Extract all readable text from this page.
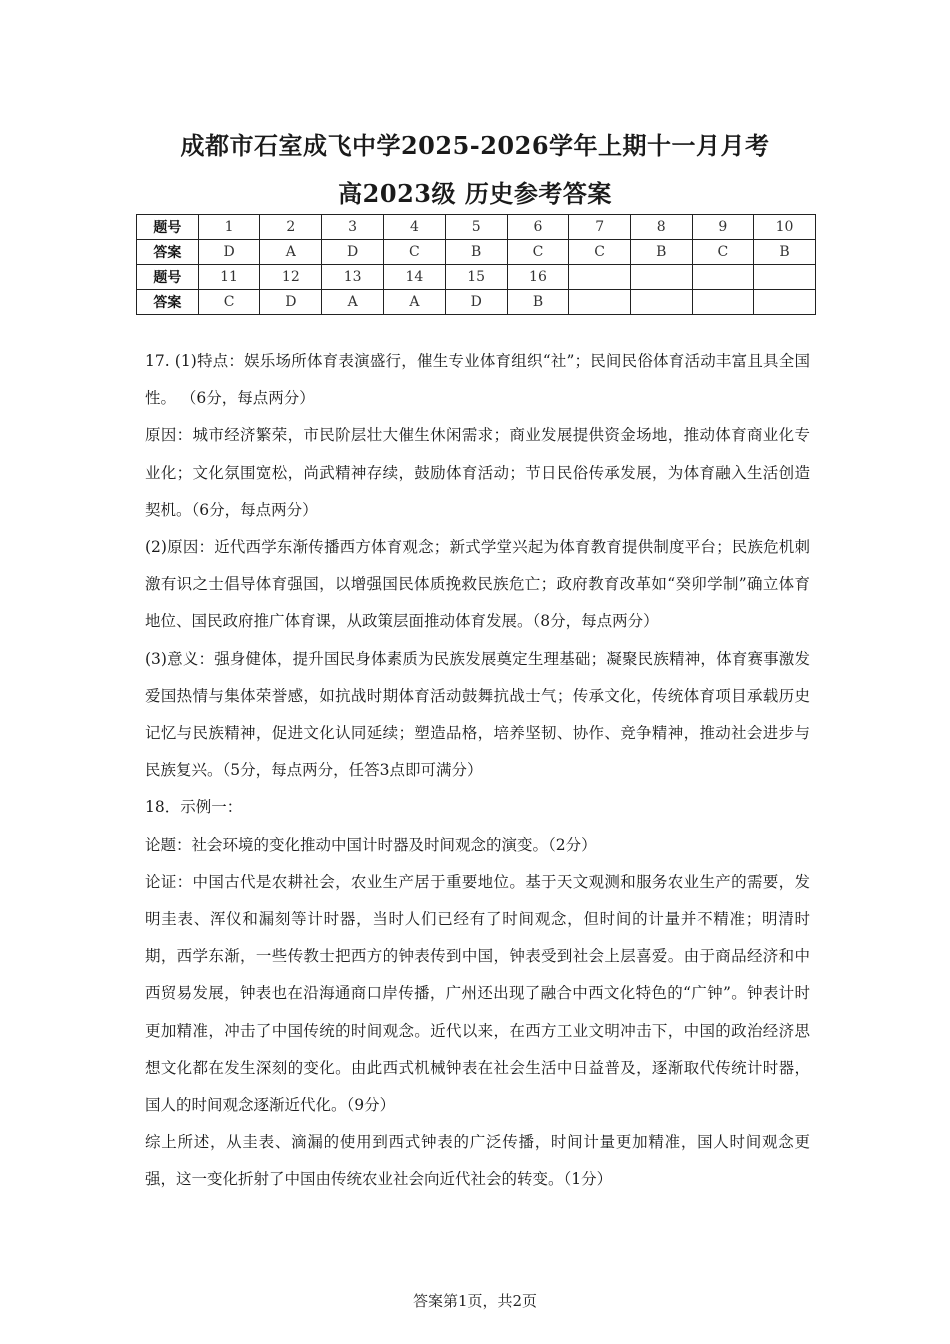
成都市石室成飞中学2025-2026学年上期十一月月考
高2023级 历史参考答案
题号	1	2	3	4	5	6	7	8	9	10
答案	D	A	D	C	B	C	C	B	C	B
题号	11	12	13	14	15	16				
答案	C	D	A	A	D	B				

17. (1)特点：娱乐场所体育表演盛行，催生专业体育组织“社”；民间民俗体育活动丰富且具全国性。 （6分，每点两分）

原因：城市经济繁荣，市民阶层壮大催生休闲需求；商业发展提供资金场地，推动体育商业化专业化；文化氛围宽松，尚武精神存续，鼓励体育活动；节日民俗传承发展，为体育融入生活创造契机。（6分，每点两分）

(2)原因：近代西学东渐传播西方体育观念；新式学堂兴起为体育教育提供制度平台；民族危机刺激有识之士倡导体育强国，以增强国民体质挽救民族危亡；政府教育改革如“癸卯学制”确立体育地位、国民政府推广体育课，从政策层面推动体育发展。（8分，每点两分）

(3)意义：强身健体，提升国民身体素质为民族发展奠定生理基础；凝聚民族精神，体育赛事激发爱国热情与集体荣誉感，如抗战时期体育活动鼓舞抗战士气；传承文化，传统体育项目承载历史记忆与民族精神，促进文化认同延续；塑造品格，培养坚韧、协作、竞争精神，推动社会进步与民族复兴。（5分，每点两分，任答3点即可满分）

18．示例一：

论题：社会环境的变化推动中国计时器及时间观念的演变。（2分）

论证：中国古代是农耕社会，农业生产居于重要地位。基于天文观测和服务农业生产的需要，发明圭表、浑仪和漏刻等计时器，当时人们已经有了时间观念，但时间的计量并不精准；明清时期，西学东渐，一些传教士把西方的钟表传到中国，钟表受到社会上层喜爱。由于商品经济和中西贸易发展，钟表也在沿海通商口岸传播，广州还出现了融合中西文化特色的“广钟”。钟表计时更加精准，冲击了中国传统的时间观念。近代以来，在西方工业文明冲击下，中国的政治经济思想文化都在发生深刻的变化。由此西式机械钟表在社会生活中日益普及，逐渐取代传统计时器，国人的时间观念逐渐近代化。（9分）

综上所述，从圭表、滴漏的使用到西式钟表的广泛传播，时间计量更加精准，国人时间观念更强，这一变化折射了中国由传统农业社会向近代社会的转变。（1分）

答案第1页，共2页
